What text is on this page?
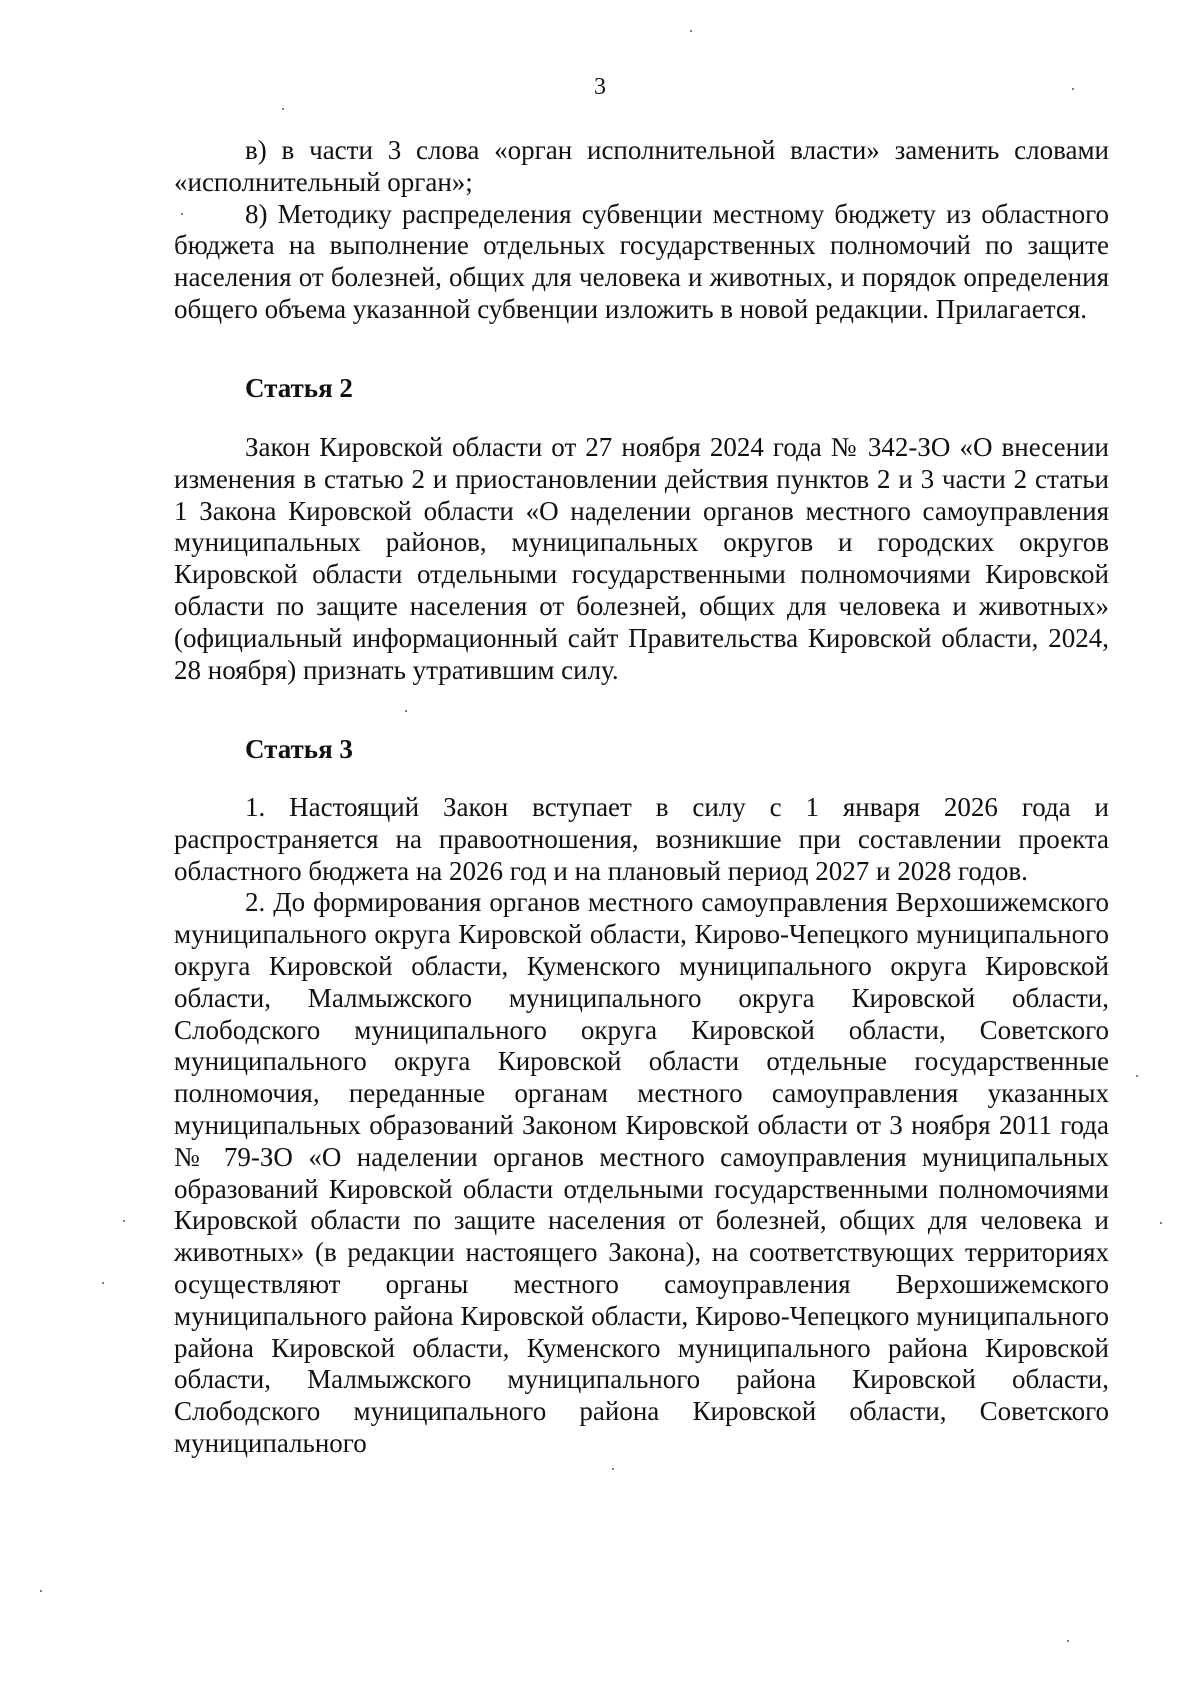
3

в) в части 3 слова «орган исполнительной власти» заменить словами «исполнительный орган»;

8) Методику распределения субвенции местному бюджету из областного бюджета на выполнение отдельных государственных полномочий по защите населения от болезней, общих для человека и животных, и порядок определения общего объема указанной субвенции изложить в новой редакции. Прилагается.

Статья 2

Закон Кировской области от 27 ноября 2024 года № 342-ЗО «О внесении изменения в статью 2 и приостановлении действия пунктов 2 и 3 части 2 статьи 1 Закона Кировской области «О наделении органов местного самоуправления муниципальных районов, муниципальных округов и городских округов Кировской области отдельными государственными полномочиями Кировской области по защите населения от болезней, общих для человека и животных» (официальный информационный сайт Правительства Кировской области, 2024, 28 ноября) признать утратившим силу.

Статья 3

1. Настоящий Закон вступает в силу с 1 января 2026 года и распространяется на правоотношения, возникшие при составлении проекта областного бюджета на 2026 год и на плановый период 2027 и 2028 годов.

2. До формирования органов местного самоуправления Верхошижемского муниципального округа Кировской области, Кирово-Чепецкого муниципального округа Кировской области, Куменского муниципального округа Кировской области, Малмыжского муниципального округа Кировской области, Слободского муниципального округа Кировской области, Советского муниципального округа Кировской области отдельные государственные полномочия, переданные органам местного самоуправления указанных муниципальных образований Законом Кировской области от 3 ноября 2011 года № 79-ЗО «О наделении органов местного самоуправления муниципальных образований Кировской области отдельными государственными полномочиями Кировской области по защите населения от болезней, общих для человека и животных» (в редакции настоящего Закона), на соответствующих территориях осуществляют органы местного самоуправления Верхошижемского муниципального района Кировской области, Кирово-Чепецкого муниципального района Кировской области, Куменского муниципального района Кировской области, Малмыжского муниципального района Кировской области, Слободского муниципального района Кировской области, Советского муниципального
